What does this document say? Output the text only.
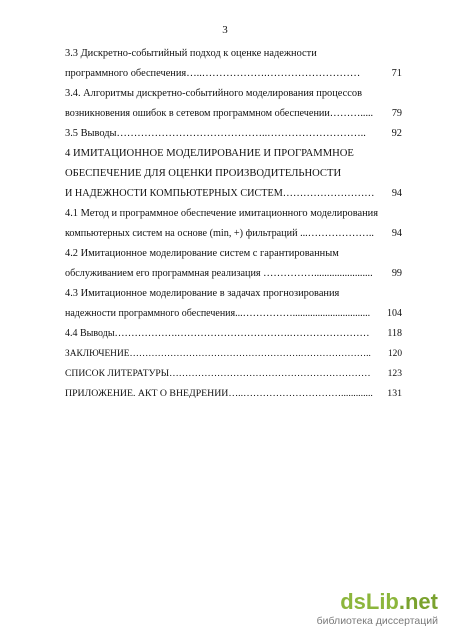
3
3.3 Дискретно-событийный подход к оценке надежности
программного обеспечения…..……………….………………………	71
3.4. Алгоритмы дискретно-событийного моделирования процессов
возникновения ошибок в сетевом программном обеспечении………..... 79
3.5 Выводы……………………………………..……………………….. 92
4 ИМИТАЦИОННОЕ МОДЕЛИРОВАНИЕ И ПРОГРАММНОЕ
ОБЕСПЕЧЕНИЕ ДЛЯ ОЦЕНКИ ПРОИЗВОДИТЕЛЬНОСТИ
И НАДЕЖНОСТИ КОМПЬЮТЕРНЫХ СИСТЕМ……………………… 94
4.1 Метод и программное обеспечение имитационного моделирования
компьютерных систем на основе (min, +) фильтраций ...……………….. 94
4.2 Имитационное моделирование систем с гарантированным
обслуживанием его программная реализация ……………....................... 99
4.3 Имитационное моделирование в задачах прогнозирования
надежности программного обеспечения...……………............................... 104
4.4 Выводы……………….…………………………….…………………… 118
ЗАКЛЮЧЕНИЕ……………………………………………….………………….. 120
СПИСОК ЛИТЕРАТУРЫ……………………………………………………… 123
ПРИЛОЖЕНИЕ. АКТ О ВНЕДРЕНИИ…..…………………………............. 131
dsLib.net
библиотека диссертаций
